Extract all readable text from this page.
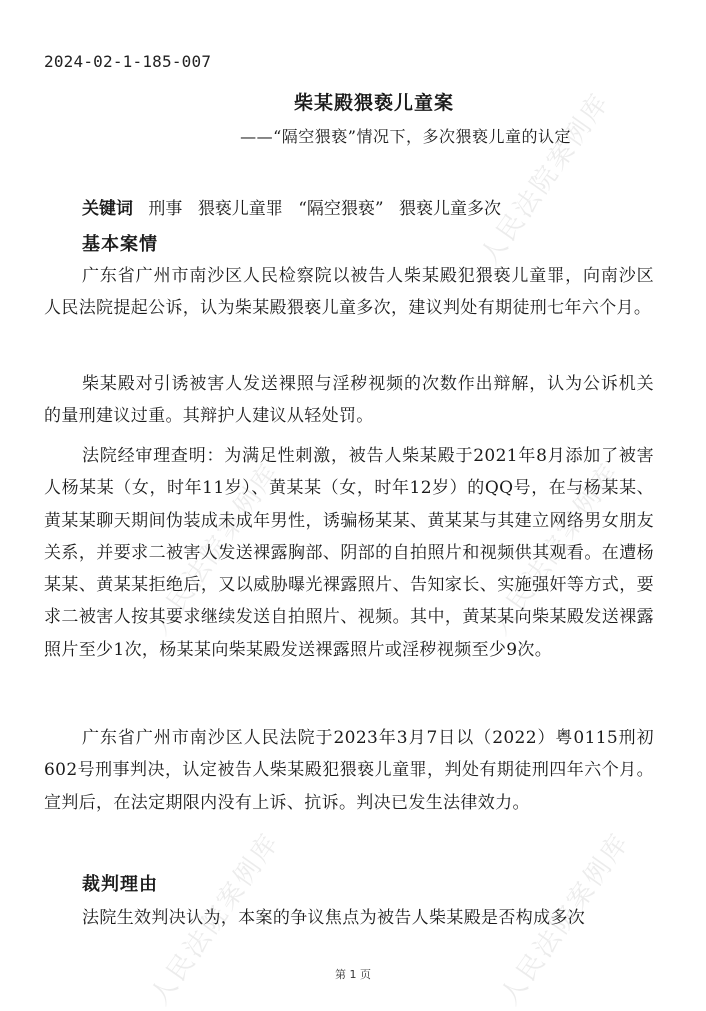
人民法院案例库
人民法院案例库	人民法院案例库
人民法院案例库	人民法院案例库
2024-02-1-185-007
柴某殿猥亵儿童案
——“隔空猥亵”情况下，多次猥亵儿童的认定
关键词 刑事 猥亵儿童罪 “隔空猥亵” 猥亵儿童多次
基本案情
广东省广州市南沙区人民检察院以被告人柴某殿犯猥亵儿童罪，向南沙区人民法院提起公诉，认为柴某殿猥亵儿童多次，建议判处有期徒刑七年六个月。
柴某殿对引诱被害人发送裸照与淫秽视频的次数作出辩解，认为公诉机关的量刑建议过重。其辩护人建议从轻处罚。
法院经审理查明：为满足性刺激，被告人柴某殿于2021年8月添加了被害人杨某某（女，时年11岁）、黄某某（女，时年12岁）的QQ号，在与杨某某、黄某某聊天期间伪装成未成年男性，诱骗杨某某、黄某某与其建立网络男女朋友关系，并要求二被害人发送裸露胸部、阴部的自拍照片和视频供其观看。在遭杨某某、黄某某拒绝后，又以威胁曝光裸露照片、告知家长、实施强奸等方式，要求二被害人按其要求继续发送自拍照片、视频。其中，黄某某向柴某殿发送裸露照片至少1次，杨某某向柴某殿发送裸露照片或淫秽视频至少9次。
广东省广州市南沙区人民法院于2023年3月7日以（2022）粤0115刑初602号刑事判决，认定被告人柴某殿犯猥亵儿童罪，判处有期徒刑四年六个月。宣判后，在法定期限内没有上诉、抗诉。判决已发生法律效力。
裁判理由
法院生效判决认为，本案的争议焦点为被告人柴某殿是否构成多次
第 1 页
